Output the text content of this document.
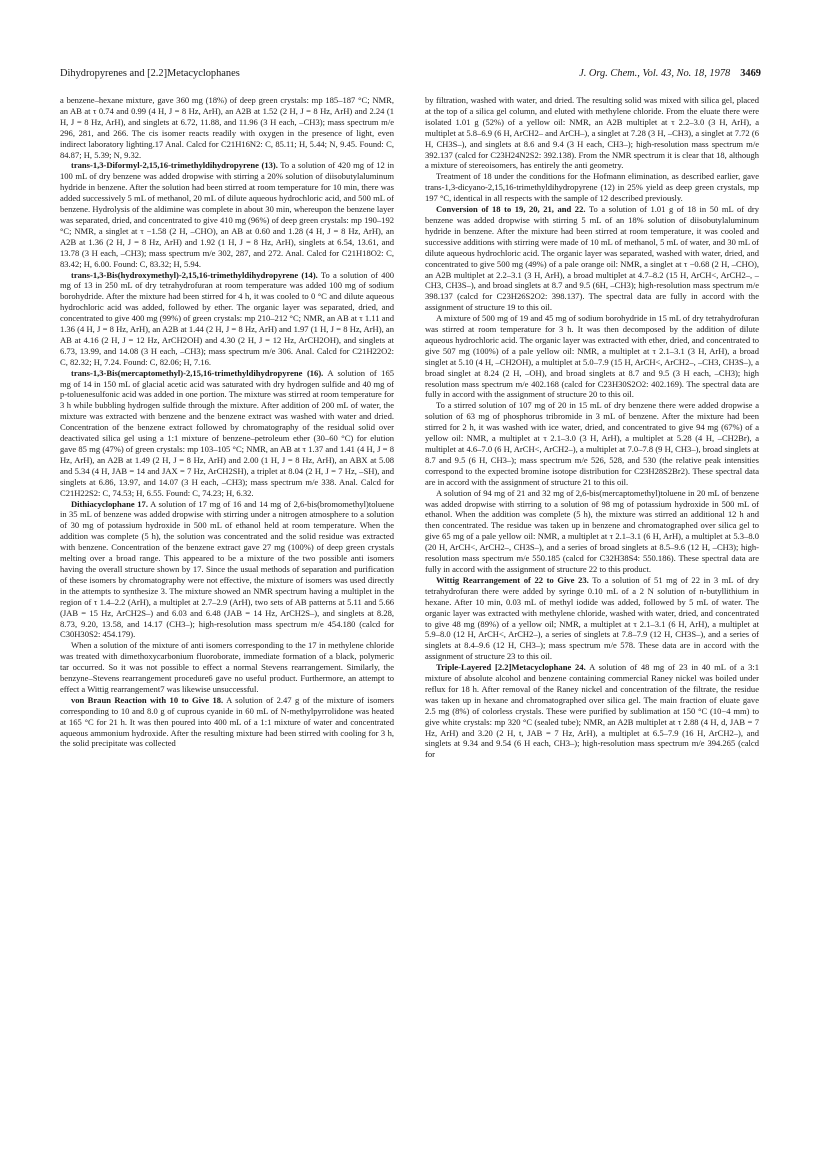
Dihydropyrenes and [2.2]Metacyclophanes	J. Org. Chem., Vol. 43, No. 18, 1978 3469

a benzene–hexane mixture, gave 360 mg (18%) of deep green crystals: mp 185–187 °C; NMR, an AB at τ 0.74 and 0.99 (4 H, J = 8 Hz, ArH), an A2B at 1.52 (2 H, J = 8 Hz, ArH) and 2.24 (1 H, J = 8 Hz, ArH), and singlets at 6.72, 11.88, and 11.96 (3 H each, –CH3); mass spectrum m/e 296, 281, and 266. The cis isomer reacts readily with oxygen in the presence of light, even indirect laboratory lighting.17 Anal. Calcd for C21H16N2: C, 85.11; H, 5.44; N, 9.45. Found: C, 84.87; H, 5.39; N, 9.32.

trans-1,3-Diformyl-2,15,16-trimethyldihydropyrene (13). To a solution of 420 mg of 12 in 100 mL of dry benzene was added dropwise with stirring a 20% solution of diisobutylaluminum hydride in benzene. After the solution had been stirred at room temperature for 10 min, there was added successively 5 mL of methanol, 20 mL of dilute aqueous hydrochloric acid, and 500 mL of benzene. Hydrolysis of the aldimine was complete in about 30 min, whereupon the benzene layer was separated, dried, and concentrated to give 410 mg (96%) of deep green crystals: mp 190–192 °C; NMR, a singlet at τ −1.58 (2 H, –CHO), an AB at 0.60 and 1.28 (4 H, J = 8 Hz, ArH), an A2B at 1.36 (2 H, J = 8 Hz, ArH) and 1.92 (1 H, J = 8 Hz, ArH), singlets at 6.54, 13.61, and 13.78 (3 H each, –CH3); mass spectrum m/e 302, 287, and 272. Anal. Calcd for C21H18O2: C, 83.42; H, 6.00. Found: C, 83.32; H, 5.94.

trans-1,3-Bis(hydroxymethyl)-2,15,16-trimethyldihydropyrene (14). To a solution of 400 mg of 13 in 250 mL of dry tetrahydrofuran at room temperature was added 100 mg of sodium borohydride. After the mixture had been stirred for 4 h, it was cooled to 0 °C and dilute aqueous hydrochloric acid was added, followed by ether. The organic layer was separated, dried, and concentrated to give 400 mg (99%) of green crystals: mp 210–212 °C; NMR, an AB at τ 1.11 and 1.36 (4 H, J = 8 Hz, ArH), an A2B at 1.44 (2 H, J = 8 Hz, ArH) and 1.97 (1 H, J = 8 Hz, ArH), an AB at 4.16 (2 H, J = 12 Hz, ArCH2OH) and 4.30 (2 H, J = 12 Hz, ArCH2OH), and singlets at 6.73, 13.99, and 14.08 (3 H each, –CH3); mass spectrum m/e 306. Anal. Calcd for C21H22O2: C, 82.32; H, 7.24. Found: C, 82.06; H, 7.16.

trans-1,3-Bis(mercaptomethyl)-2,15,16-trimethyldihydropyrene (16). A solution of 165 mg of 14 in 150 mL of glacial acetic acid was saturated with dry hydrogen sulfide and 40 mg of p-toluenesulfonic acid was added in one portion. The mixture was stirred at room temperature for 3 h while bubbling hydrogen sulfide through the mixture. After addition of 200 mL of water, the mixture was extracted with benzene and the benzene extract was washed with water and dried. Concentration of the benzene extract followed by chromatography of the residual solid over deactivated silica gel using a 1:1 mixture of benzene–petroleum ether (30–60 °C) for elution gave 85 mg (47%) of green crystals: mp 103–105 °C; NMR, an AB at τ 1.37 and 1.41 (4 H, J = 8 Hz, ArH), an A2B at 1.49 (2 H, J = 8 Hz, ArH) and 2.00 (1 H, J = 8 Hz, ArH), an ABX at 5.08 and 5.34 (4 H, JAB = 14 and JAX = 7 Hz, ArCH2SH), a triplet at 8.04 (2 H, J = 7 Hz, –SH), and singlets at 6.86, 13.97, and 14.07 (3 H each, –CH3); mass spectrum m/e 338. Anal. Calcd for C21H22S2: C, 74.53; H, 6.55. Found: C, 74.23; H, 6.32.

Dithiacyclophane 17. A solution of 17 mg of 16 and 14 mg of 2,6-bis(bromomethyl)toluene in 35 mL of benzene was added dropwise with stirring under a nitrogen atmosphere to a solution of 30 mg of potassium hydroxide in 500 mL of ethanol held at room temperature. When the addition was complete (5 h), the solution was concentrated and the solid residue was extracted with benzene. Concentration of the benzene extract gave 27 mg (100%) of deep green crystals melting over a broad range. This appeared to be a mixture of the two possible anti isomers having the overall structure shown by 17. Since the usual methods of separation and purification of these isomers by chromatography were not effective, the mixture of isomers was used directly in the attempts to synthesize 3. The mixture showed an NMR spectrum having a multiplet in the region of τ 1.4–2.2 (ArH), a multiplet at 2.7–2.9 (ArH), two sets of AB patterns at 5.11 and 5.66 (JAB = 15 Hz, ArCH2S–) and 6.03 and 6.48 (JAB = 14 Hz, ArCH2S–), and singlets at 8.28, 8.73, 9.20, 13.58, and 14.17 (CH3–); high-resolution mass spectrum m/e 454.180 (calcd for C30H30S2: 454.179).

When a solution of the mixture of anti isomers corresponding to the 17 in methylene chloride was treated with dimethoxycarbonium fluoroborate, immediate formation of a black, polymeric tar occurred. So it was not possible to effect a normal Stevens rearrangement. Similarly, the benzyne–Stevens rearrangement procedure6 gave no useful product. Furthermore, an attempt to effect a Wittig rearrangement7 was likewise unsuccessful.

von Braun Reaction with 10 to Give 18. A solution of 2.47 g of the mixture of isomers corresponding to 10 and 8.0 g of cuprous cyanide in 60 mL of N-methylpyrrolidone was heated at 165 °C for 21 h. It was then poured into 400 mL of a 1:1 mixture of water and concentrated aqueous ammonium hydroxide. After the resulting mixture had been stirred with cooling for 3 h, the solid precipitate was collected

by filtration, washed with water, and dried. The resulting solid was mixed with silica gel, placed at the top of a silica gel column, and eluted with methylene chloride. From the eluate there were isolated 1.01 g (52%) of a yellow oil: NMR, an A2B multiplet at τ 2.2–3.0 (3 H, ArH), a multiplet at 5.8–6.9 (6 H, ArCH2– and ArCH–), a singlet at 7.28 (3 H, –CH3), a singlet at 7.72 (6 H, CH3S–), and singlets at 8.6 and 9.4 (3 H each, CH3–); high-resolution mass spectrum m/e 392.137 (calcd for C23H24N2S2: 392.138). From the NMR spectrum it is clear that 18, although a mixture of stereoisomers, has entirely the anti geometry.

Treatment of 18 under the conditions for the Hofmann elimination, as described earlier, gave trans-1,3-dicyano-2,15,16-trimethyldihydropyrene (12) in 25% yield as deep green crystals, mp 197 °C, identical in all respects with the sample of 12 described previously.

Conversion of 18 to 19, 20, 21, and 22. To a solution of 1.01 g of 18 in 50 mL of dry benzene was added dropwise with stirring 5 mL of an 18% solution of diisobutylaluminum hydride in benzene. After the mixture had been stirred at room temperature, it was cooled and successive additions with stirring were made of 10 mL of methanol, 5 mL of water, and 30 mL of dilute aqueous hydrochloric acid. The organic layer was separated, washed with water, dried, and concentrated to give 500 mg (49%) of a pale orange oil: NMR, a singlet at τ −0.68 (2 H, –CHO), an A2B multiplet at 2.2–3.1 (3 H, ArH), a broad multiplet at 4.7–8.2 (15 H, ArCH<, ArCH2–, –CH3, CH3S–), and broad singlets at 8.7 and 9.5 (6H, –CH3); high-resolution mass spectrum m/e 398.137 (calcd for C23H26S2O2: 398.137). The spectral data are fully in accord with the assignment of structure 19 to this oil.

A mixture of 500 mg of 19 and 45 mg of sodium borohydride in 15 mL of dry tetrahydrofuran was stirred at room temperature for 3 h. It was then decomposed by the addition of dilute aqueous hydrochloric acid. The organic layer was extracted with ether, dried, and concentrated to give 507 mg (100%) of a pale yellow oil: NMR, a multiplet at τ 2.1–3.1 (3 H, ArH), a broad singlet at 5.10 (4 H, –CH2OH), a multiplet at 5.0–7.9 (15 H, ArCH<, ArCH2–, –CH3, CH3S–), a broad singlet at 8.24 (2 H, –OH), and broad singlets at 8.7 and 9.5 (3 H each, –CH3); high resolution mass spectrum m/e 402.168 (calcd for C23H30S2O2: 402.169). The spectral data are fully in accord with the assignment of structure 20 to this oil.

To a stirred solution of 107 mg of 20 in 15 mL of dry benzene there were added dropwise a solution of 63 mg of phosphorus tribromide in 3 mL of benzene. After the mixture had been stirred for 2 h, it was washed with ice water, dried, and concentrated to give 94 mg (67%) of a yellow oil: NMR, a multiplet at τ 2.1–3.0 (3 H, ArH), a multiplet at 5.28 (4 H, –CH2Br), a multiplet at 4.6–7.0 (6 H, ArCH<, ArCH2–), a multiplet at 7.0–7.8 (9 H, CH3–), broad singlets at 8.7 and 9.5 (6 H, CH3–); mass spectrum m/e 526, 528, and 530 (the relative peak intensities correspond to the expected bromine isotope distribution for C23H28S2Br2). These spectral data are in accord with the assignment of structure 21 to this oil.

A solution of 94 mg of 21 and 32 mg of 2,6-bis(mercaptomethyl)toluene in 20 mL of benzene was added dropwise with stirring to a solution of 98 mg of potassium hydroxide in 500 mL of ethanol. When the addition was complete (5 h), the mixture was stirred an additional 12 h and then concentrated. The residue was taken up in benzene and chromatographed over silica gel to give 65 mg of a pale yellow oil: NMR, a multiplet at τ 2.1–3.1 (6 H, ArH), a multiplet at 5.3–8.0 (20 H, ArCH<, ArCH2–, CH3S–), and a series of broad singlets at 8.5–9.6 (12 H, –CH3); high-resolution mass spectrum m/e 550.185 (calcd for C32H38S4: 550.186). These spectral data are fully in accord with the assignment of structure 22 to this product.

Wittig Rearrangement of 22 to Give 23. To a solution of 51 mg of 22 in 3 mL of dry tetrahydrofuran there were added by syringe 0.10 mL of a 2 N solution of n-butyllithium in hexane. After 10 min, 0.03 mL of methyl iodide was added, followed by 5 mL of water. The organic layer was extracted with methylene chloride, washed with water, dried, and concentrated to give 48 mg (89%) of a yellow oil; NMR, a multiplet at τ 2.1–3.1 (6 H, ArH), a multiplet at 5.9–8.0 (12 H, ArCH<, ArCH2–), a series of singlets at 7.8–7.9 (12 H, CH3S–), and a series of singlets at 8.4–9.6 (12 H, CH3–); mass spectrum m/e 578. These data are in accord with the assignment of structure 23 to this oil.

Triple-Layered [2.2]Metacyclophane 24. A solution of 48 mg of 23 in 40 mL of a 3:1 mixture of absolute alcohol and benzene containing commercial Raney nickel was boiled under reflux for 18 h. After removal of the Raney nickel and concentration of the filtrate, the residue was taken up in hexane and chromatographed over silica gel. The main fraction of eluate gave 2.5 mg (8%) of colorless crystals. These were purified by sublimation at 150 °C (10−4 mm) to give white crystals: mp 320 °C (sealed tube); NMR, an A2B multiplet at τ 2.88 (4 H, d, JAB = 7 Hz, ArH) and 3.20 (2 H, t, JAB = 7 Hz, ArH), a multiplet at 6.5–7.9 (16 H, ArCH2–), and singlets at 9.34 and 9.54 (6 H each, CH3–); high-resolution mass spectrum m/e 394.265 (calcd for
